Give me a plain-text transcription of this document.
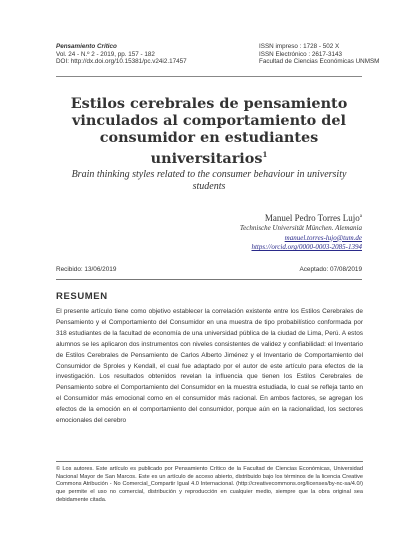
Pensamiento Crítico
Vol. 24 - N.º 2 - 2019, pp. 157 - 182
DOI: http://dx.doi.org/10.15381/pc.v24i2.17457
ISSN impreso : 1728 - 502 X
ISSN Electrónico : 2617-3143
Facultad de Ciencias Económicas UNMSM
Estilos cerebrales de pensamiento vinculados al comportamiento del consumidor en estudiantes universitarios$^1$
Brain thinking styles related to the consumer behaviour in university students
Manuel Pedro Torres Lujo$^a$
Technische Universität München. Alemania
manuel.torres-lujo@tum.de
https://orcid.org/0000-0003-2085-1394
Recibido: 13/06/2019	Aceptado: 07/08/2019
RESUMEN

El presente artículo tiene como objetivo establecer la correlación existente entre los Estilos Cerebrales de Pensamiento y el Comportamiento del Consumidor en una muestra de tipo probabilístico conformada por 318 estudiantes de la facultad de economía de una universidad pública de la ciudad de Lima, Perú. A estos alumnos se les aplicaron dos instrumentos con niveles consistentes de validez y confiabilidad: el Inventario de Estilos Cerebrales de Pensamiento de Carlos Alberto Jiménez y el Inventario de Comportamiento del Consumidor de Sproles y Kendall, el cual fue adaptado por el autor de este artículo para efectos de la investigación. Los resultados obtenidos revelan la influencia que tienen los Estilos Cerebrales de Pensamiento sobre el Comportamiento del Consumidor en la muestra estudiada, lo cual se refleja tanto en el Consumidor más emocional como en el consumidor más racional. En ambos factores, se agregan los efectos de la emoción en el comportamiento del consumidor, porque aún en la racionalidad, los sectores emocionales del cerebro

© Los autores. Este artículo es publicado por Pensamiento Crítico de la Facultad de Ciencias Económicas, Universidad Nacional Mayor de San Marcos. Este es un artículo de acceso abierto, distribuido bajo los términos de la licencia Creative Commons Atribución - No Comercial_Compartir Igual 4.0 Internacional. (http://creativecommons.org/licenses/by-nc-sa/4.0/) que permite el uso no comercial, distribución y reproducción en cualquier medio, siempre que la obra original sea debidamente citada.
